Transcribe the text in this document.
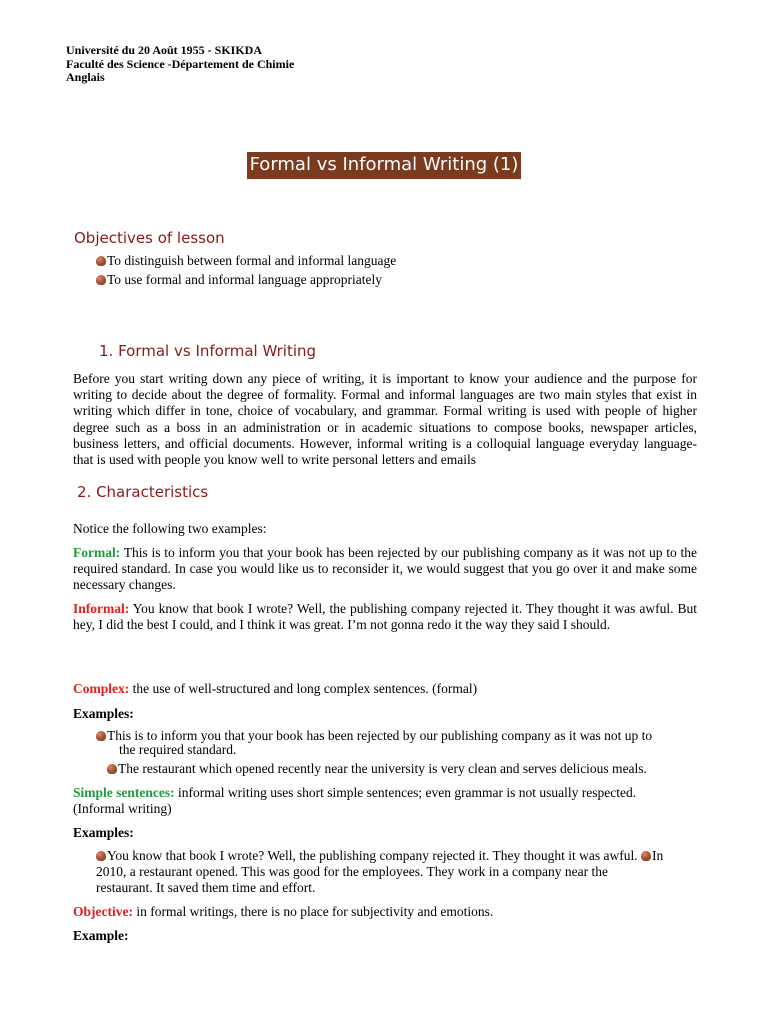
Université du 20 Août 1955 - SKIKDA
Faculté des Science -Département de Chimie
Anglais
Formal vs Informal Writing (1)
Objectives of lesson
To distinguish between formal and informal language
To use formal and informal language appropriately
1. Formal vs Informal Writing
Before you start writing down any piece of writing, it is important to know your audience and the purpose for writing to decide about the degree of formality. Formal and informal languages are two main styles that exist in writing which differ in tone, choice of vocabulary, and grammar. Formal writing is used with people of higher degree such as a boss in an administration or in academic situations to compose books, newspaper articles, business letters, and official documents. However, informal writing is a colloquial language everyday language- that is used with people you know well to write personal letters and emails
2. Characteristics
Notice the following two examples:
Formal: This is to inform you that your book has been rejected by our publishing company as it was not up to the required standard. In case you would like us to reconsider it, we would suggest that you go over it and make some necessary changes.
Informal: You know that book I wrote? Well, the publishing company rejected it. They thought it was awful. But hey, I did the best I could, and I think it was great. I’m not gonna redo it the way they said I should.
Complex: the use of well-structured and long complex sentences. (formal)
Examples:
This is to inform you that your book has been rejected by our publishing company as it was not up to
the required standard.
The restaurant which opened recently near the university is very clean and serves delicious meals.
Simple sentences: informal writing uses short simple sentences; even grammar is not usually respected.
(Informal writing)
Examples:
You know that book I wrote? Well, the publishing company rejected it. They thought it was awful. In
2010, a restaurant opened. This was good for the employees. They work in a company near the
restaurant. It saved them time and effort.
Objective: in formal writings, there is no place for subjectivity and emotions.
Example:
